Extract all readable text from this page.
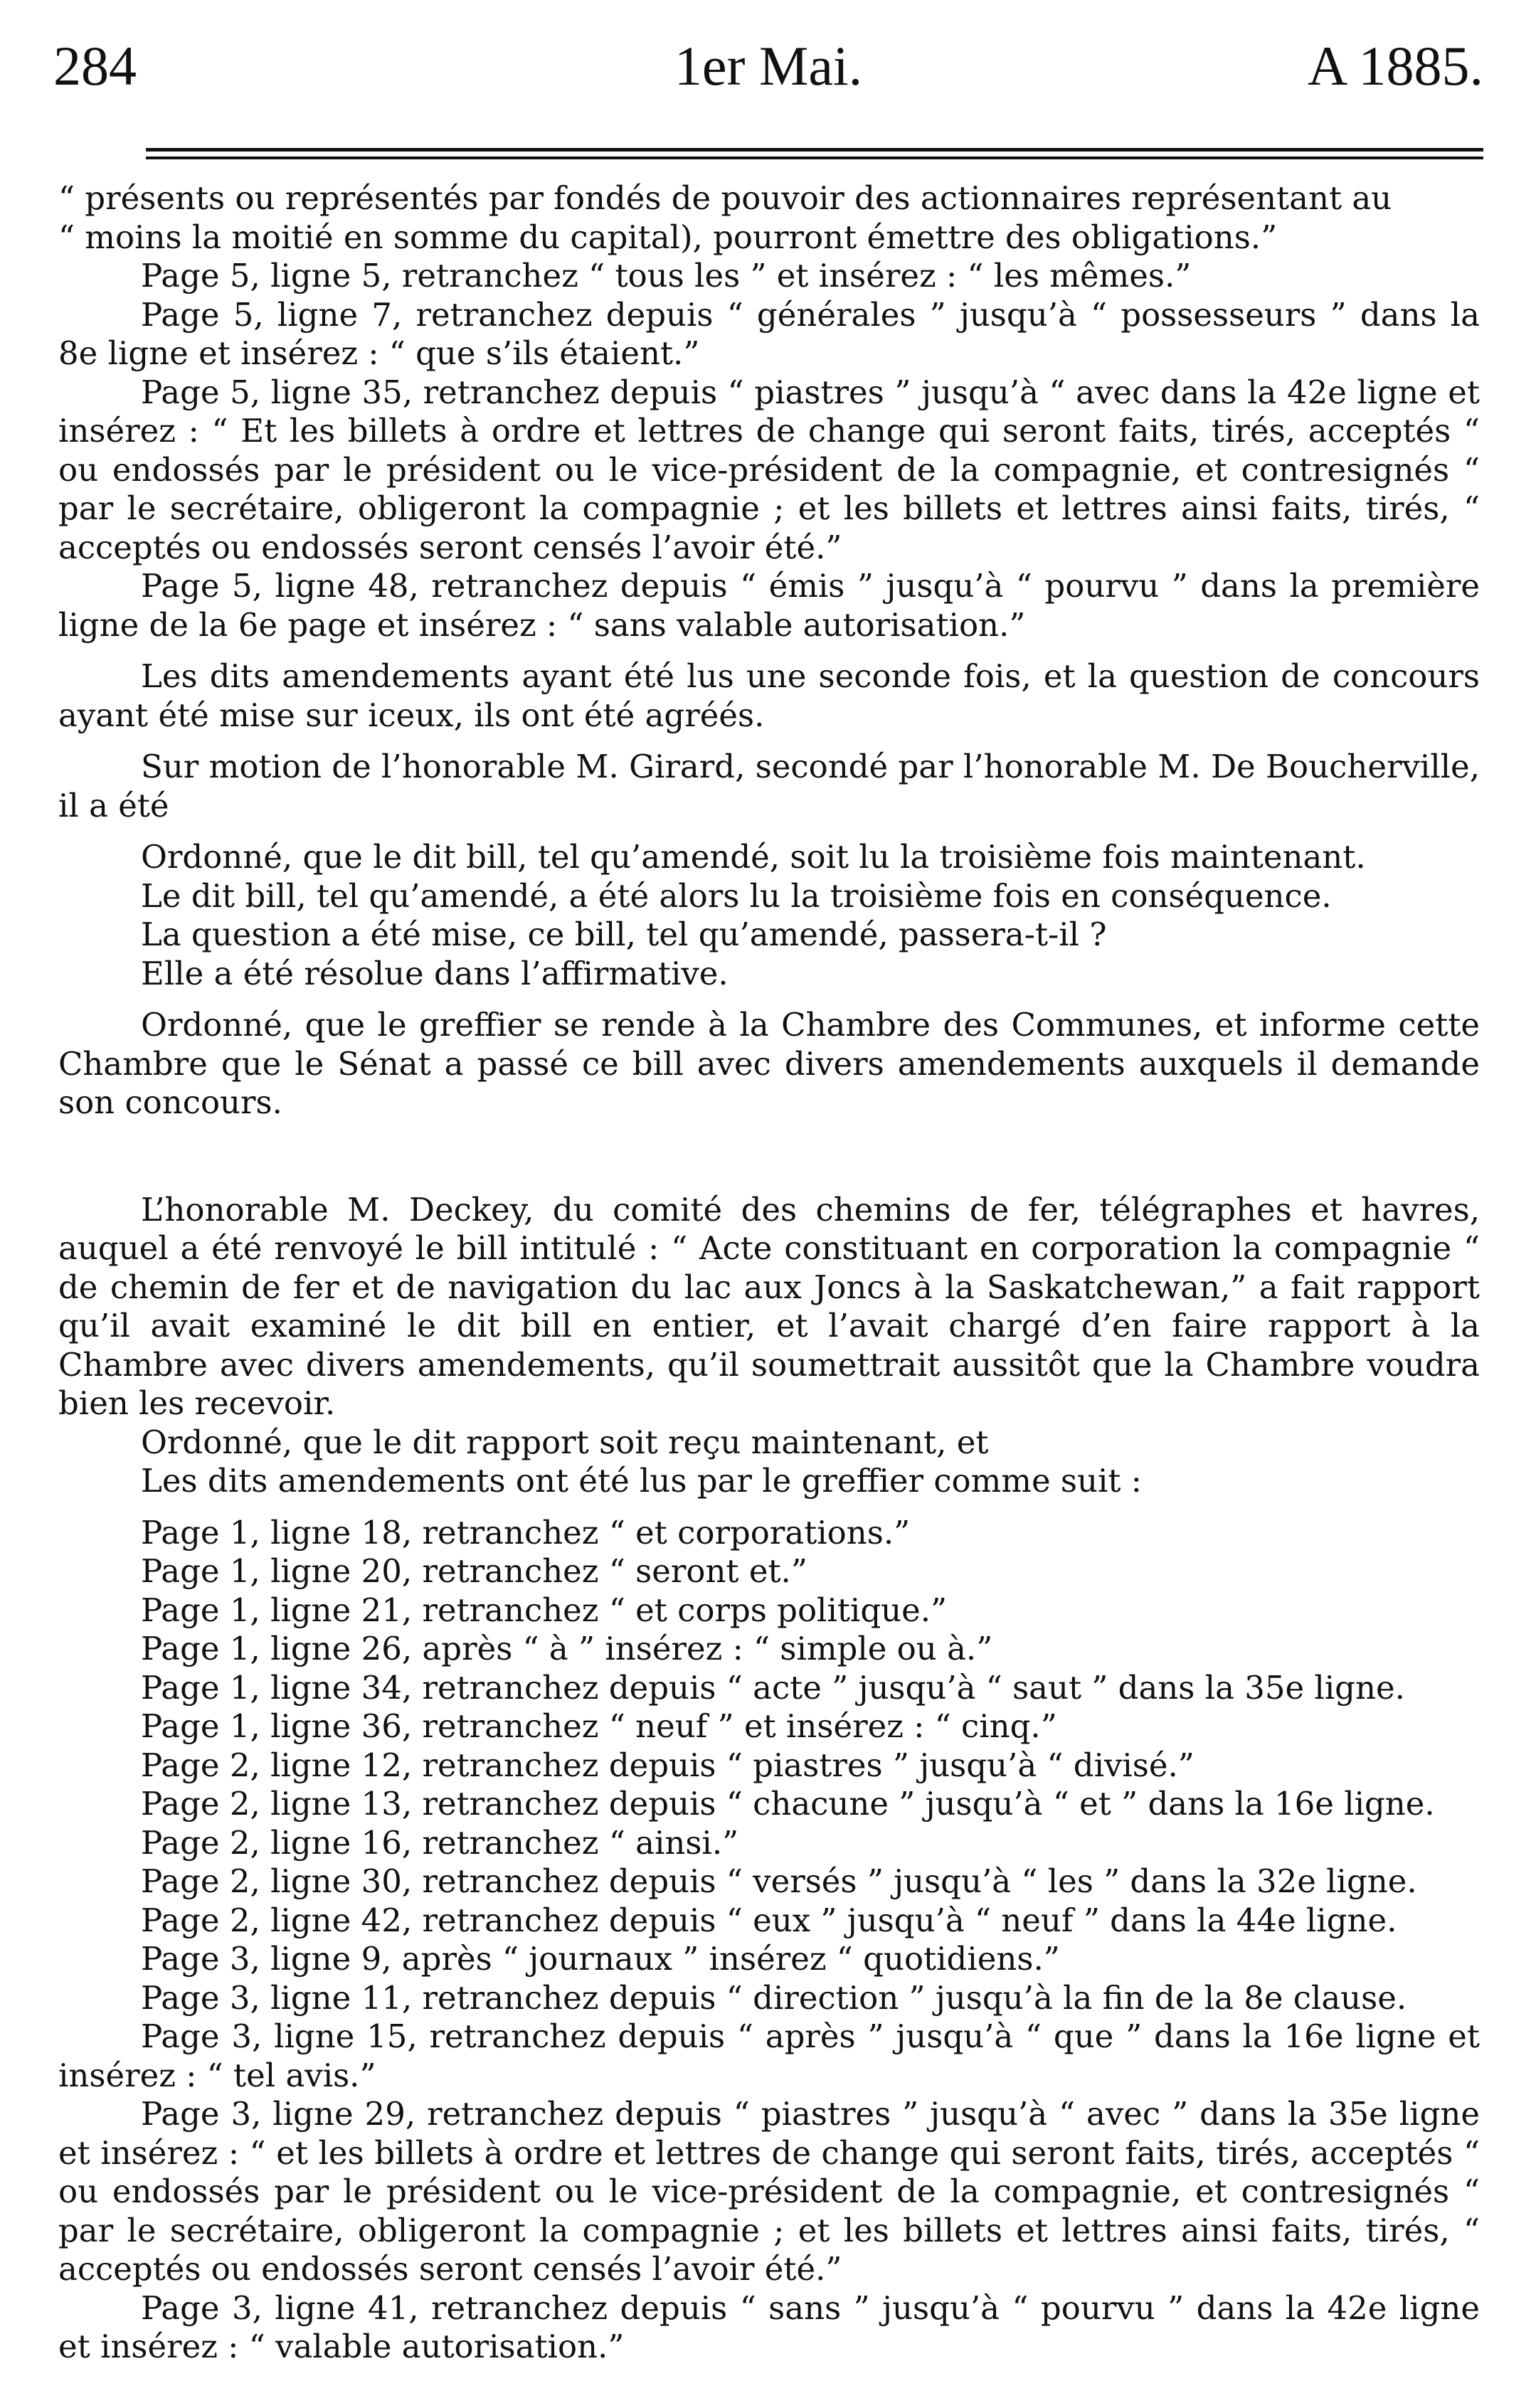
284	1er Mai.	A 1885.

“ présents ou représentés par fondés de pouvoir des actionnaires représentant au
“ moins la moitié en somme du capital), pourront émettre des obligations.”

Page 5, ligne 5, retranchez “ tous les ” et insérez : “ les mêmes.”

Page 5, ligne 7, retranchez depuis “ générales ” jusqu’à “ possesseurs ” dans la 8e ligne et insérez : “ que s’ils étaient.”

Page 5, ligne 35, retranchez depuis “ piastres ” jusqu’à “ avec dans la 42e ligne et insérez : “ Et les billets à ordre et lettres de change qui seront faits, tirés, acceptés “ ou endossés par le président ou le vice-président de la compagnie, et contresignés “ par le secrétaire, obligeront la compagnie ; et les billets et lettres ainsi faits, tirés, “ acceptés ou endossés seront censés l’avoir été.”

Page 5, ligne 48, retranchez depuis “ émis ” jusqu’à “ pourvu ” dans la première ligne de la 6e page et insérez : “ sans valable autorisation.”

Les dits amendements ayant été lus une seconde fois, et la question de concours ayant été mise sur iceux, ils ont été agréés.

Sur motion de l’honorable M. Girard, secondé par l’honorable M. De Boucherville, il a été

Ordonné, que le dit bill, tel qu’amendé, soit lu la troisième fois maintenant.

Le dit bill, tel qu’amendé, a été alors lu la troisième fois en conséquence.

La question a été mise, ce bill, tel qu’amendé, passera-t-il ?

Elle a été résolue dans l’affirmative.

Ordonné, que le greffier se rende à la Chambre des Communes, et informe cette Chambre que le Sénat a passé ce bill avec divers amendements auxquels il demande son concours.

L’honorable M. Deckey, du comité des chemins de fer, télégraphes et havres, auquel a été renvoyé le bill intitulé : “ Acte constituant en corporation la compagnie “ de chemin de fer et de navigation du lac aux Joncs à la Saskatchewan,” a fait rapport qu’il avait examiné le dit bill en entier, et l’avait chargé d’en faire rapport à la Chambre avec divers amendements, qu’il soumettrait aussitôt que la Chambre voudra bien les recevoir.

Ordonné, que le dit rapport soit reçu maintenant, et

Les dits amendements ont été lus par le greffier comme suit :

Page 1, ligne 18, retranchez “ et corporations.”

Page 1, ligne 20, retranchez “ seront et.”

Page 1, ligne 21, retranchez “ et corps politique.”

Page 1, ligne 26, après “ à ” insérez : “ simple ou à.”

Page 1, ligne 34, retranchez depuis “ acte ” jusqu’à “ saut ” dans la 35e ligne.

Page 1, ligne 36, retranchez “ neuf ” et insérez : “ cinq.”

Page 2, ligne 12, retranchez depuis “ piastres ” jusqu’à “ divisé.”

Page 2, ligne 13, retranchez depuis “ chacune ” jusqu’à “ et ” dans la 16e ligne.

Page 2, ligne 16, retranchez “ ainsi.”

Page 2, ligne 30, retranchez depuis “ versés ” jusqu’à “ les ” dans la 32e ligne.

Page 2, ligne 42, retranchez depuis “ eux ” jusqu’à “ neuf ” dans la 44e ligne.

Page 3, ligne 9, après “ journaux ” insérez “ quotidiens.”

Page 3, ligne 11, retranchez depuis “ direction ” jusqu’à la fin de la 8e clause.

Page 3, ligne 15, retranchez depuis “ après ” jusqu’à “ que ” dans la 16e ligne et insérez : “ tel avis.”

Page 3, ligne 29, retranchez depuis “ piastres ” jusqu’à “ avec ” dans la 35e ligne et insérez : “ et les billets à ordre et lettres de change qui seront faits, tirés, acceptés “ ou endossés par le président ou le vice-président de la compagnie, et contresignés “ par le secrétaire, obligeront la compagnie ; et les billets et lettres ainsi faits, tirés, “ acceptés ou endossés seront censés l’avoir été.”

Page 3, ligne 41, retranchez depuis “ sans ” jusqu’à “ pourvu ” dans la 42e ligne et insérez : “ valable autorisation.”
